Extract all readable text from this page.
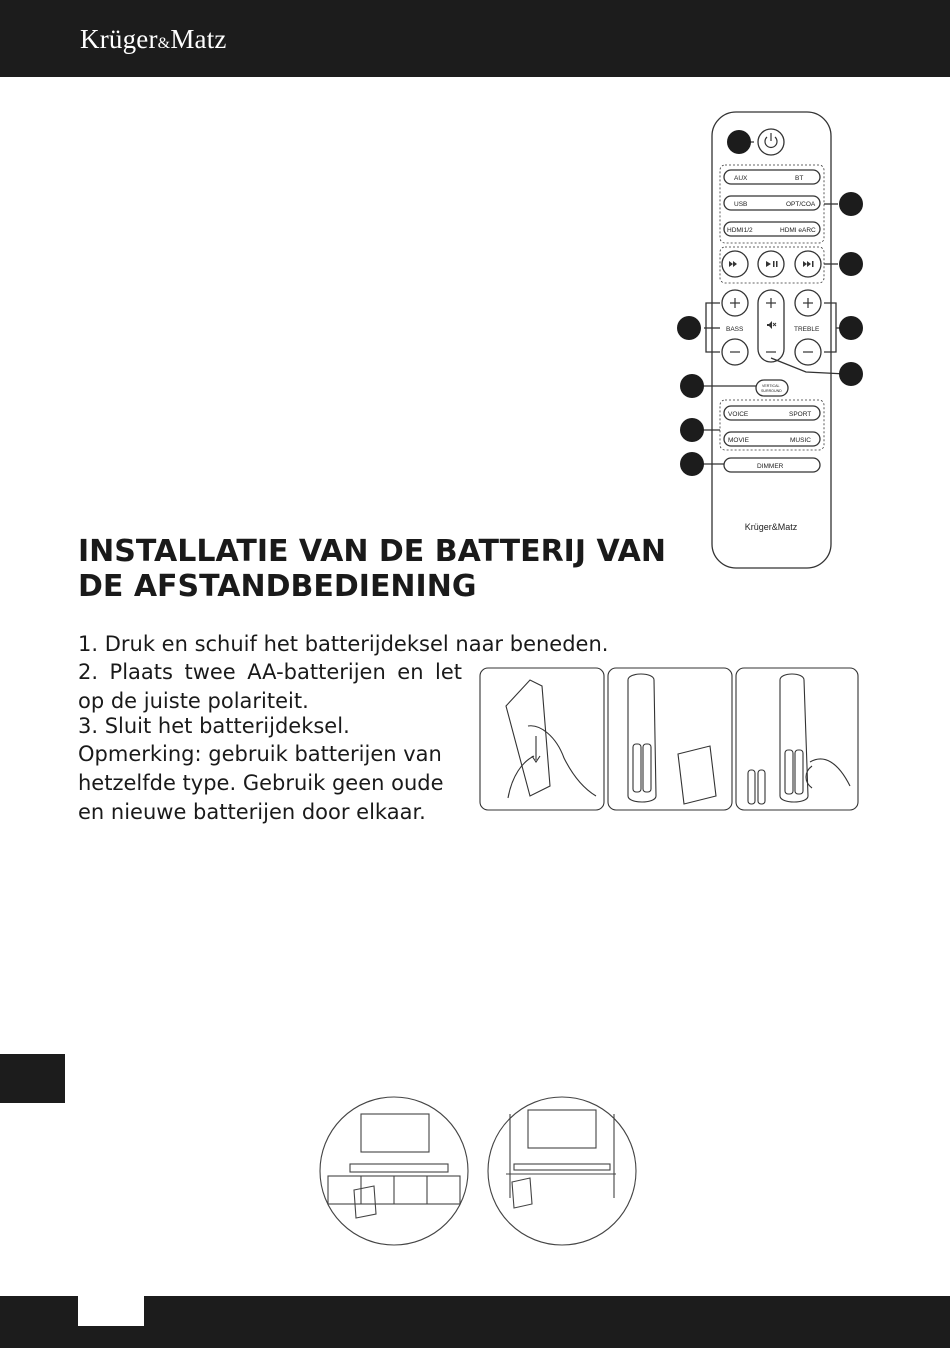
Krüger&Matz
AUX	BT
USB	OPT/COA
HDMI1/2	HDMI eARC
BASS	TREBLE
VOICE	SPORT
MOVIE	MUSIC
DIMMER
VERTICAL
SURROUND
Krüger&Matz
INSTALLATIE VAN DE BATTERIJ VAN
DE AFSTANDBEDIENING
1. Druk en schuif het batterijdeksel naar beneden.
2. Plaats twee AA-batterijen en let op de juiste polariteit.
3. Sluit het batterijdeksel.
Opmerking: gebruik batterijen van hetzelfde type. Gebruik geen oude en nieuwe batterijen door elkaar.
